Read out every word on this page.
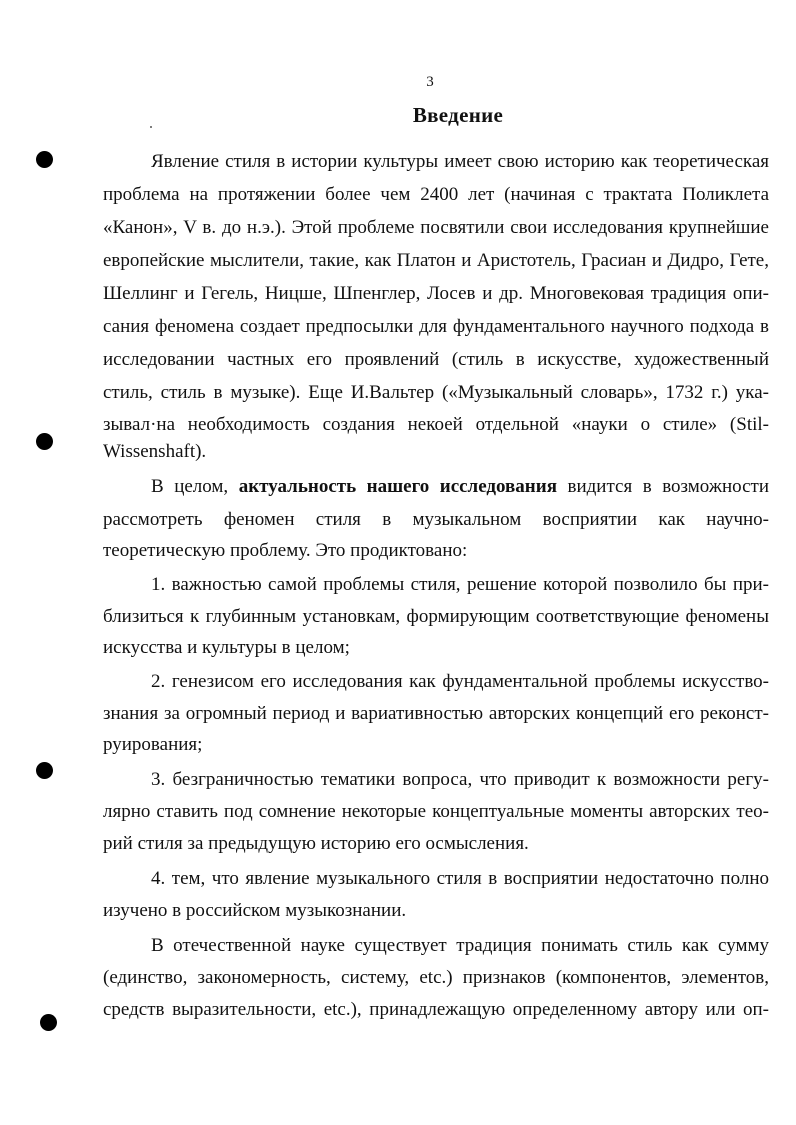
3
Введение
Явление стиля в истории культуры имеет свою историю как теоретическая
проблема на протяжении более чем 2400 лет (начиная с трактата Поликлета
«Канон», V в. до н.э.). Этой проблеме посвятили свои исследования крупнейшие
европейские мыслители, такие, как Платон и Аристотель, Грасиан и Дидро, Гете,
Шеллинг и Гегель, Ницше, Шпенглер, Лосев и др. Многовековая традиция опи-
сания феномена создает предпосылки для фундаментального научного подхода в
исследовании частных его проявлений (стиль в искусстве, художественный
стиль, стиль в музыке). Еще И.Вальтер («Музыкальный словарь», 1732 г.) ука-
зывал·на необходимость создания некоей отдельной «науки о стиле» (Stil-
Wissenshaft).
В целом, актуальность нашего исследования видится в возможности
рассмотреть феномен стиля в музыкальном восприятии как научно-
теоретическую проблему. Это продиктовано:
1. важностью самой проблемы стиля, решение которой позволило бы при-
близиться к глубинным установкам, формирующим соответствующие феномены
искусства и культуры в целом;
2. генезисом его исследования как фундаментальной проблемы искусство-
знания за огромный период и вариативностью авторских концепций его реконст-
руирования;
3. безграничностью тематики вопроса, что приводит к возможности регу-
лярно ставить под сомнение некоторые концептуальные моменты авторских тео-
рий стиля за предыдущую историю его осмысления.
4. тем, что явление музыкального стиля в восприятии недостаточно полно
изучено в российском музыкознании.
В отечественной науке существует традиция понимать стиль как сумму
(единство, закономерность, систему, etc.) признаков (компонентов, элементов,
средств выразительности, etc.), принадлежащую определенному автору или оп-
